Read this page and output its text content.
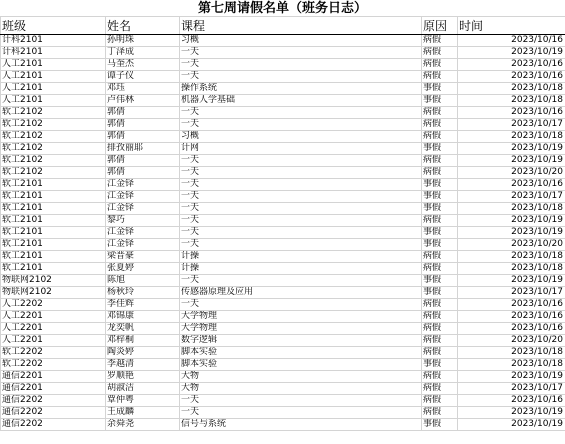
第七周请假名单（班务日志）
班级	姓名	课程	原因	时间
计科2101	孙明珠	习概	病假	2023/10/16
计科2101	丁泽成	一天	病假	2023/10/19
人工2101	马奎杰	一天	病假	2023/10/16
人工2101	谭子仪	一天	病假	2023/10/16
人工2101	邓珏	操作系统	事假	2023/10/18
人工2101	卢伟林	机器人学基础	事假	2023/10/18
软工2102	郭倩	一天	病假	2023/10/16
软工2102	郭倩	一天	病假	2023/10/17
软工2102	郭倩	习概	病假	2023/10/18
软工2102	排孜丽耶	计网	事假	2023/10/19
软工2102	郭倩	一天	病假	2023/10/19
软工2102	郭倩	一天	病假	2023/10/20
软工2101	江金铎	一天	事假	2023/10/16
软工2101	江金铎	一天	事假	2023/10/17
软工2101	江金铎	一天	事假	2023/10/18
软工2101	黎巧	一天	病假	2023/10/19
软工2101	江金铎	一天	事假	2023/10/19
软工2101	江金铎	一天	事假	2023/10/20
软工2101	梁晋豪	计操	病假	2023/10/18
软工2101	张夏婷	计操	病假	2023/10/18
物联网2102	陈旭	一天	事假	2023/10/19
物联网2102	杨秋玲	传感器原理及应用	事假	2023/10/17
人工2202	李佳辉	一天	病假	2023/10/16
人工2201	邓锦康	大学物理	病假	2023/10/16
人工2201	龙奕帆	大学物理	病假	2023/10/16
人工2201	邓梓桐	数字逻辑	病假	2023/10/20
软工2202	陶炎婷	脚本实验	病假	2023/10/18
软工2202	李越清	脚本实验	事假	2023/10/18
通信2201	罗顺艳	大物	病假	2023/10/19
通信2201	胡淑洁	大物	病假	2023/10/17
通信2202	覃仲粤	一天	病假	2023/10/16
通信2202	王成麟	一天	病假	2023/10/19
通信2202	余舜尧	信号与系统	事假	2023/10/19
